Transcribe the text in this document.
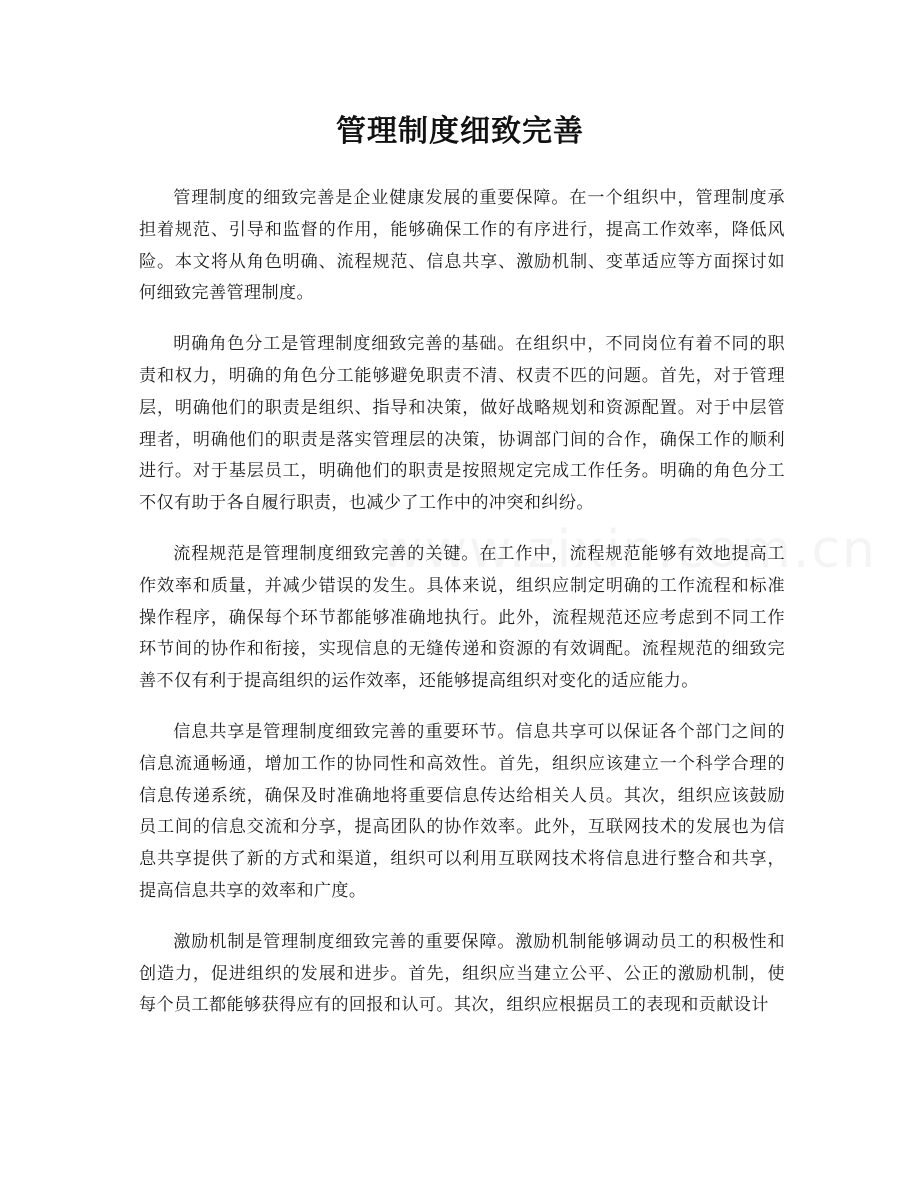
管理制度细致完善

管理制度的细致完善是企业健康发展的重要保障。在一个组织中，管理制度承担着规范、引导和监督的作用，能够确保工作的有序进行，提高工作效率，降低风险。本文将从角色明确、流程规范、信息共享、激励机制、变革适应等方面探讨如何细致完善管理制度。

明确角色分工是管理制度细致完善的基础。在组织中，不同岗位有着不同的职责和权力，明确的角色分工能够避免职责不清、权责不匹的问题。首先，对于管理层，明确他们的职责是组织、指导和决策，做好战略规划和资源配置。对于中层管理者，明确他们的职责是落实管理层的决策，协调部门间的合作，确保工作的顺利进行。对于基层员工，明确他们的职责是按照规定完成工作任务。明确的角色分工不仅有助于各自履行职责，也减少了工作中的冲突和纠纷。

流程规范是管理制度细致完善的关键。在工作中，流程规范能够有效地提高工作效率和质量，并减少错误的发生。具体来说，组织应制定明确的工作流程和标准操作程序，确保每个环节都能够准确地执行。此外，流程规范还应考虑到不同工作环节间的协作和衔接，实现信息的无缝传递和资源的有效调配。流程规范的细致完善不仅有利于提高组织的运作效率，还能够提高组织对变化的适应能力。

信息共享是管理制度细致完善的重要环节。信息共享可以保证各个部门之间的信息流通畅通，增加工作的协同性和高效性。首先，组织应该建立一个科学合理的信息传递系统，确保及时准确地将重要信息传达给相关人员。其次，组织应该鼓励员工间的信息交流和分享，提高团队的协作效率。此外，互联网技术的发展也为信息共享提供了新的方式和渠道，组织可以利用互联网技术将信息进行整合和共享，提高信息共享的效率和广度。

激励机制是管理制度细致完善的重要保障。激励机制能够调动员工的积极性和创造力，促进组织的发展和进步。首先，组织应当建立公平、公正的激励机制，使每个员工都能够获得应有的回报和认可。其次，组织应根据员工的表现和贡献设计
